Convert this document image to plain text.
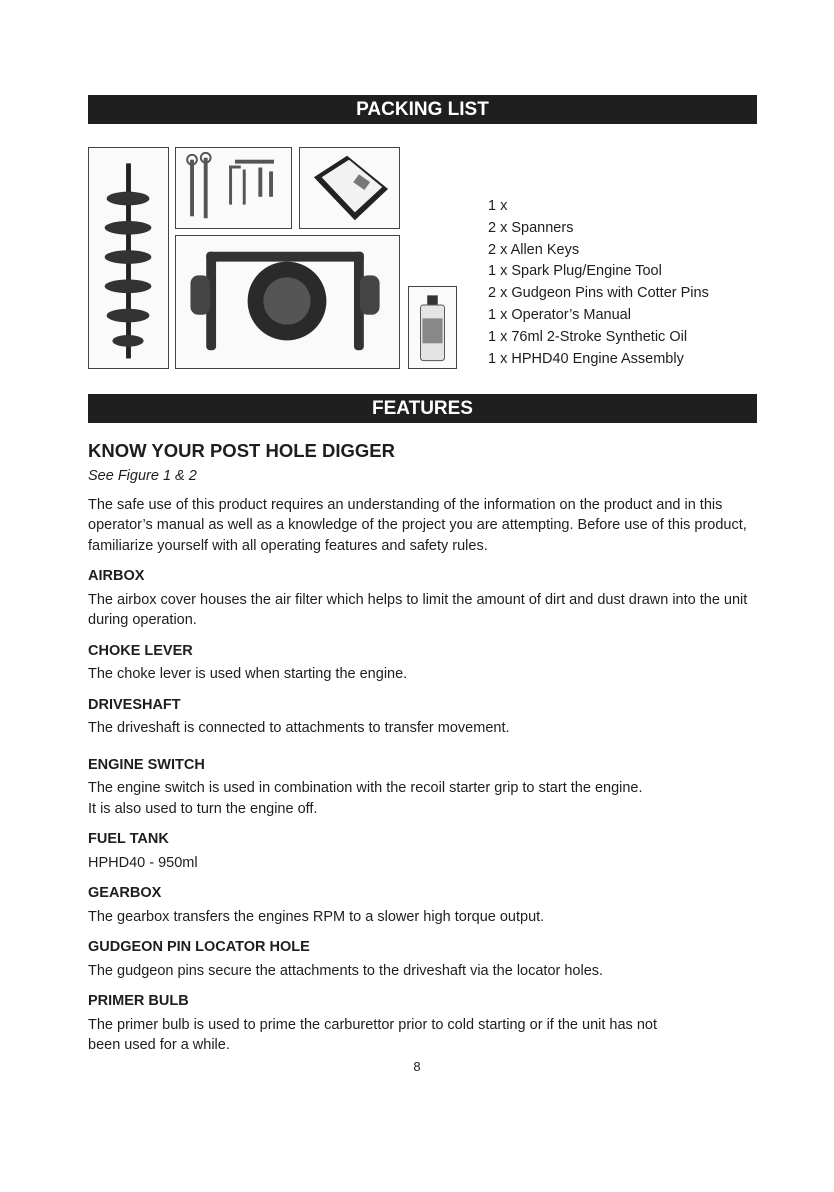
PACKING LIST
1 x
2 x Spanners
2 x Allen Keys
1 x Spark Plug/Engine Tool
2 x Gudgeon Pins with Cotter Pins
1 x Operator’s Manual
1 x 76ml 2-Stroke Synthetic Oil
1 x HPHD40 Engine Assembly
FEATURES
KNOW YOUR POST HOLE DIGGER

See Figure 1 & 2

The safe use of this product requires an understanding of the information on the product and in this operator’s manual as well as a knowledge of the project you are attempting. Before use of this product, familiarize yourself with all operating features and safety rules.

AIRBOX

The airbox cover houses the air filter which helps to limit the amount of dirt and dust drawn into the unit during operation.

CHOKE LEVER

The choke lever is used when starting the engine.

DRIVESHAFT

The driveshaft is connected to attachments to transfer movement.

ENGINE SWITCH

The engine switch is used in combination with the recoil starter grip to start the engine.

It is also used to turn the engine off.

FUEL TANK

HPHD40 - 950ml

GEARBOX

The gearbox transfers the engines RPM to a slower high torque output.

GUDGEON PIN LOCATOR HOLE

The gudgeon pins secure the attachments to the driveshaft via the locator holes.

PRIMER BULB

The primer bulb is used to prime the carburettor prior to cold starting or if the unit has not been used for a while.

8
